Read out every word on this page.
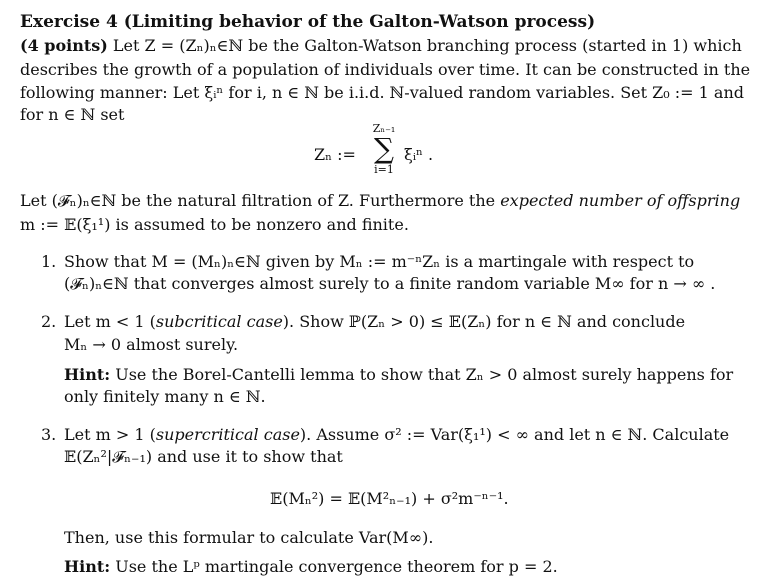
Exercise 4 (Limiting behavior of the Galton-Watson process)
(4 points) Let Z = (Zₙ)ₙ∈ℕ be the Galton-Watson branching process (started in 1) which
describes the growth of a population of individuals over time. It can be constructed in the
following manner: Let ξᵢⁿ for i, n ∈ ℕ be i.i.d. ℕ-valued random variables. Set Z₀ := 1 and
for n ∈ ℕ set
Zₙ :=
Zₙ₋₁
∑
i=1
ξᵢⁿ .
Let (𝓕ₙ)ₙ∈ℕ be the natural filtration of Z. Furthermore the expected number of offspring
m := 𝔼(ξ₁¹) is assumed to be nonzero and finite.
1. Show that M = (Mₙ)ₙ∈ℕ given by Mₙ := m⁻ⁿZₙ is a martingale with respect to
(𝓕ₙ)ₙ∈ℕ that converges almost surely to a finite random variable M∞ for n → ∞ .
2. Let m < 1 (subcritical case). Show ℙ(Zₙ > 0) ≤ 𝔼(Zₙ) for n ∈ ℕ and conclude
Mₙ → 0 almost surely.
Hint: Use the Borel-Cantelli lemma to show that Zₙ > 0 almost surely happens for
only finitely many n ∈ ℕ.
3. Let m > 1 (supercritical case). Assume σ² := Var(ξ₁¹) < ∞ and let n ∈ ℕ. Calculate
𝔼(Zₙ²|𝓕ₙ₋₁) and use it to show that
𝔼(Mₙ²) = 𝔼(M²ₙ₋₁) + σ²m⁻ⁿ⁻¹.
Then, use this formular to calculate Var(M∞).
Hint: Use the Lᵖ martingale convergence theorem for p = 2.
